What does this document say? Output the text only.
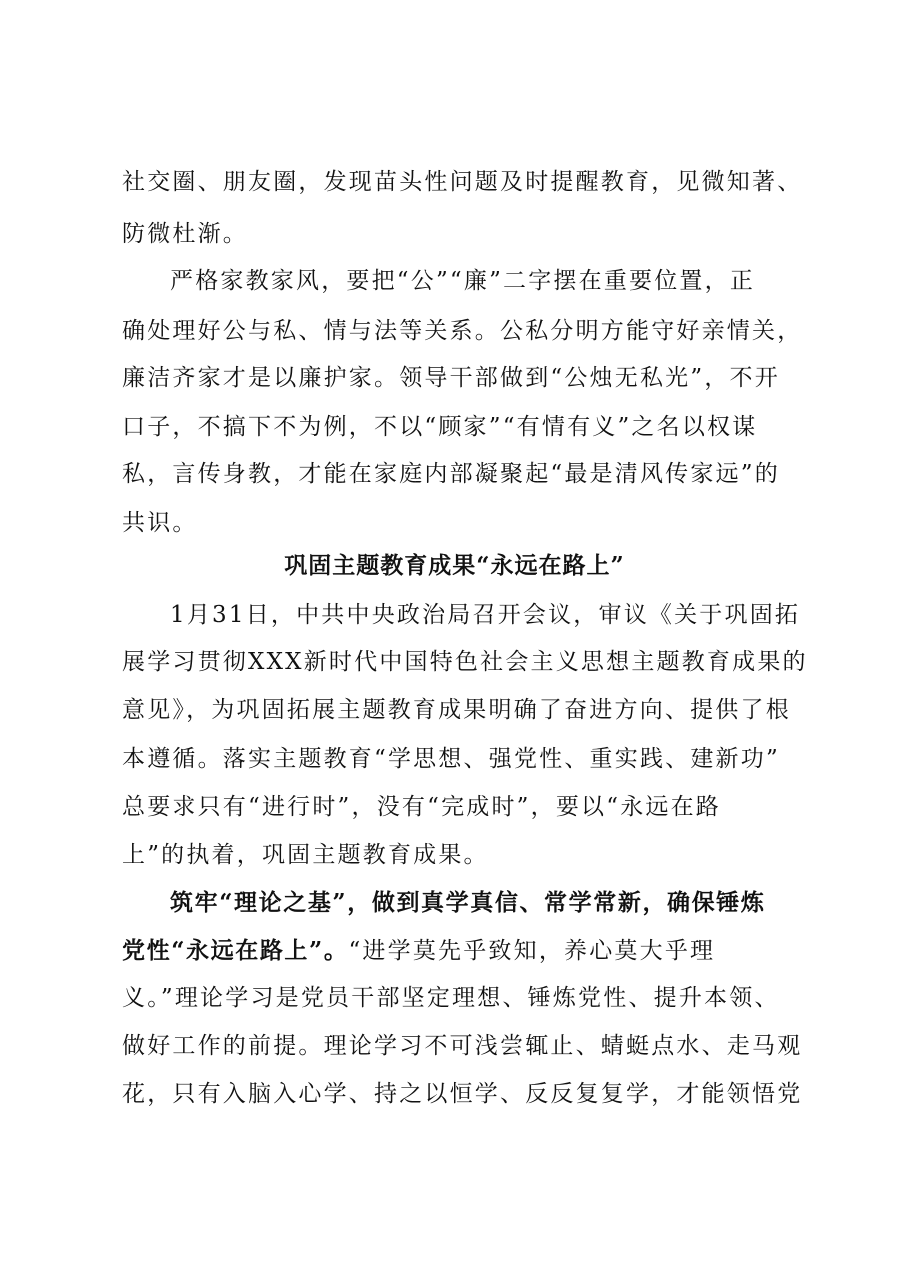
社交圈、朋友圈，发现苗头性问题及时提醒教育，见微知著、
防微杜渐。
严格家教家风，要把“公”“廉”二字摆在重要位置，正
确处理好公与私、情与法等关系。公私分明方能守好亲情关，
廉洁齐家才是以廉护家。领导干部做到“公烛无私光”，不开
口子，不搞下不为例，不以“顾家”“有情有义”之名以权谋
私，言传身教，才能在家庭内部凝聚起“最是清风传家远”的
共识。
巩固主题教育成果“永远在路上”
1月31日，中共中央政治局召开会议，审议《关于巩固拓
展学习贯彻XXX新时代中国特色社会主义思想主题教育成果的
意见》，为巩固拓展主题教育成果明确了奋进方向、提供了根
本遵循。落实主题教育“学思想、强党性、重实践、建新功”
总要求只有“进行时”，没有“完成时”，要以“永远在路
上”的执着，巩固主题教育成果。
筑牢“理论之基”，做到真学真信、常学常新，确保锤炼
党性“永远在路上”。“进学莫先乎致知，养心莫大乎理
义。”理论学习是党员干部坚定理想、锤炼党性、提升本领、
做好工作的前提。理论学习不可浅尝辄止、蜻蜓点水、走马观
花，只有入脑入心学、持之以恒学、反反复复学，才能领悟党
